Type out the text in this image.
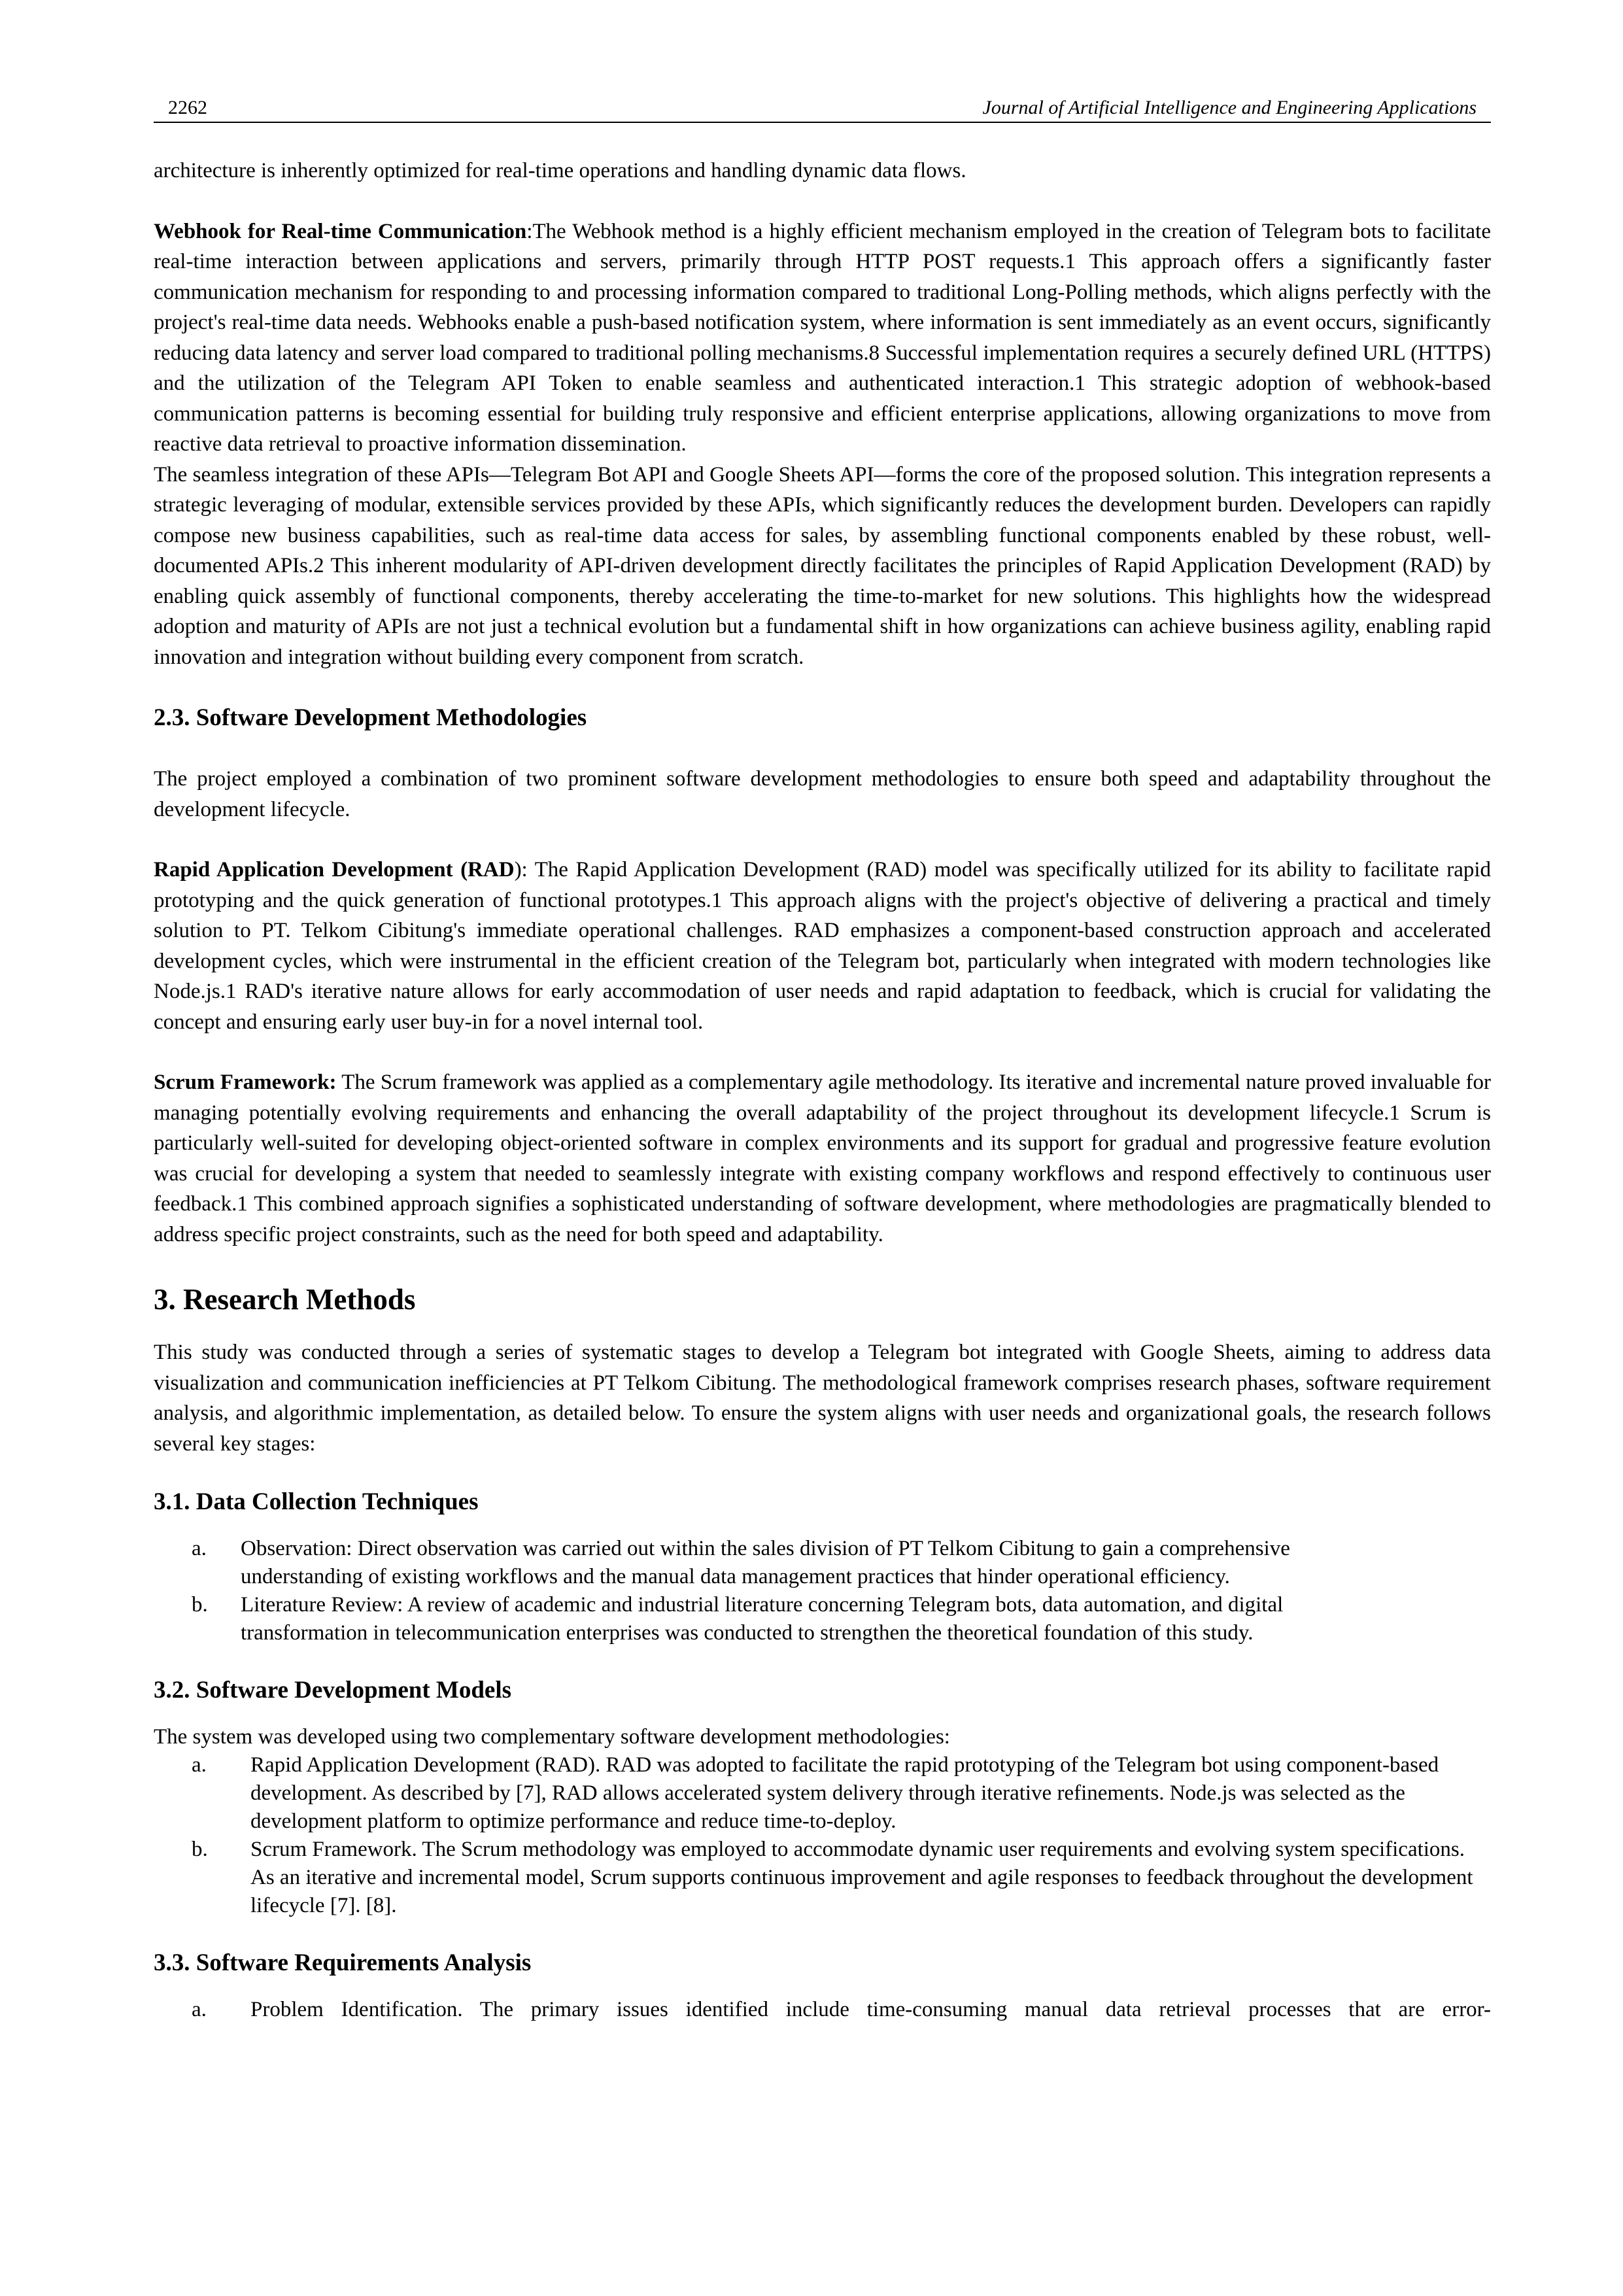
2262	Journal of Artificial Intelligence and Engineering Applications

architecture is inherently optimized for real-time operations and handling dynamic data flows.

Webhook for Real-time Communication:The Webhook method is a highly efficient mechanism employed in the creation of Telegram bots to facilitate real-time interaction between applications and servers, primarily through HTTP POST requests.1 This approach offers a significantly faster communication mechanism for responding to and processing information compared to traditional Long-Polling methods, which aligns perfectly with the project's real-time data needs. Webhooks enable a push-based notification system, where information is sent immediately as an event occurs, significantly reducing data latency and server load compared to traditional polling mechanisms.8 Successful implementation requires a securely defined URL (HTTPS) and the utilization of the Telegram API Token to enable seamless and authenticated interaction.1 This strategic adoption of webhook-based communication patterns is becoming essential for building truly responsive and efficient enterprise applications, allowing organizations to move from reactive data retrieval to proactive information dissemination.

The seamless integration of these APIs—Telegram Bot API and Google Sheets API—forms the core of the proposed solution. This integration represents a strategic leveraging of modular, extensible services provided by these APIs, which significantly reduces the development burden. Developers can rapidly compose new business capabilities, such as real-time data access for sales, by assembling functional components enabled by these robust, well-documented APIs.2 This inherent modularity of API-driven development directly facilitates the principles of Rapid Application Development (RAD) by enabling quick assembly of functional components, thereby accelerating the time-to-market for new solutions. This highlights how the widespread adoption and maturity of APIs are not just a technical evolution but a fundamental shift in how organizations can achieve business agility, enabling rapid innovation and integration without building every component from scratch.

2.3. Software Development Methodologies

The project employed a combination of two prominent software development methodologies to ensure both speed and adaptability throughout the development lifecycle.

Rapid Application Development (RAD): The Rapid Application Development (RAD) model was specifically utilized for its ability to facilitate rapid prototyping and the quick generation of functional prototypes.1 This approach aligns with the project's objective of delivering a practical and timely solution to PT. Telkom Cibitung's immediate operational challenges. RAD emphasizes a component-based construction approach and accelerated development cycles, which were instrumental in the efficient creation of the Telegram bot, particularly when integrated with modern technologies like Node.js.1 RAD's iterative nature allows for early accommodation of user needs and rapid adaptation to feedback, which is crucial for validating the concept and ensuring early user buy-in for a novel internal tool.

Scrum Framework: The Scrum framework was applied as a complementary agile methodology. Its iterative and incremental nature proved invaluable for managing potentially evolving requirements and enhancing the overall adaptability of the project throughout its development lifecycle.1 Scrum is particularly well-suited for developing object-oriented software in complex environments and its support for gradual and progressive feature evolution was crucial for developing a system that needed to seamlessly integrate with existing company workflows and respond effectively to continuous user feedback.1 This combined approach signifies a sophisticated understanding of software development, where methodologies are pragmatically blended to address specific project constraints, such as the need for both speed and adaptability.

3. Research Methods

This study was conducted through a series of systematic stages to develop a Telegram bot integrated with Google Sheets, aiming to address data visualization and communication inefficiencies at PT Telkom Cibitung. The methodological framework comprises research phases, software requirement analysis, and algorithmic implementation, as detailed below. To ensure the system aligns with user needs and organizational goals, the research follows several key stages:

3.1. Data Collection Techniques
a. Observation: Direct observation was carried out within the sales division of PT Telkom Cibitung to gain a comprehensive understanding of existing workflows and the manual data management practices that hinder operational efficiency.
b. Literature Review: A review of academic and industrial literature concerning Telegram bots, data automation, and digital transformation in telecommunication enterprises was conducted to strengthen the theoretical foundation of this study.
3.2. Software Development Models

The system was developed using two complementary software development methodologies:

a. Rapid Application Development (RAD). RAD was adopted to facilitate the rapid prototyping of the Telegram bot using component-based development. As described by [7], RAD allows accelerated system delivery through iterative refinements. Node.js was selected as the development platform to optimize performance and reduce time-to-deploy.
b. Scrum Framework. The Scrum methodology was employed to accommodate dynamic user requirements and evolving system specifications. As an iterative and incremental model, Scrum supports continuous improvement and agile responses to feedback throughout the development lifecycle [7]. [8].
3.3. Software Requirements Analysis
a. Problem Identification. The primary issues identified include time-consuming manual data retrieval processes that are error-
